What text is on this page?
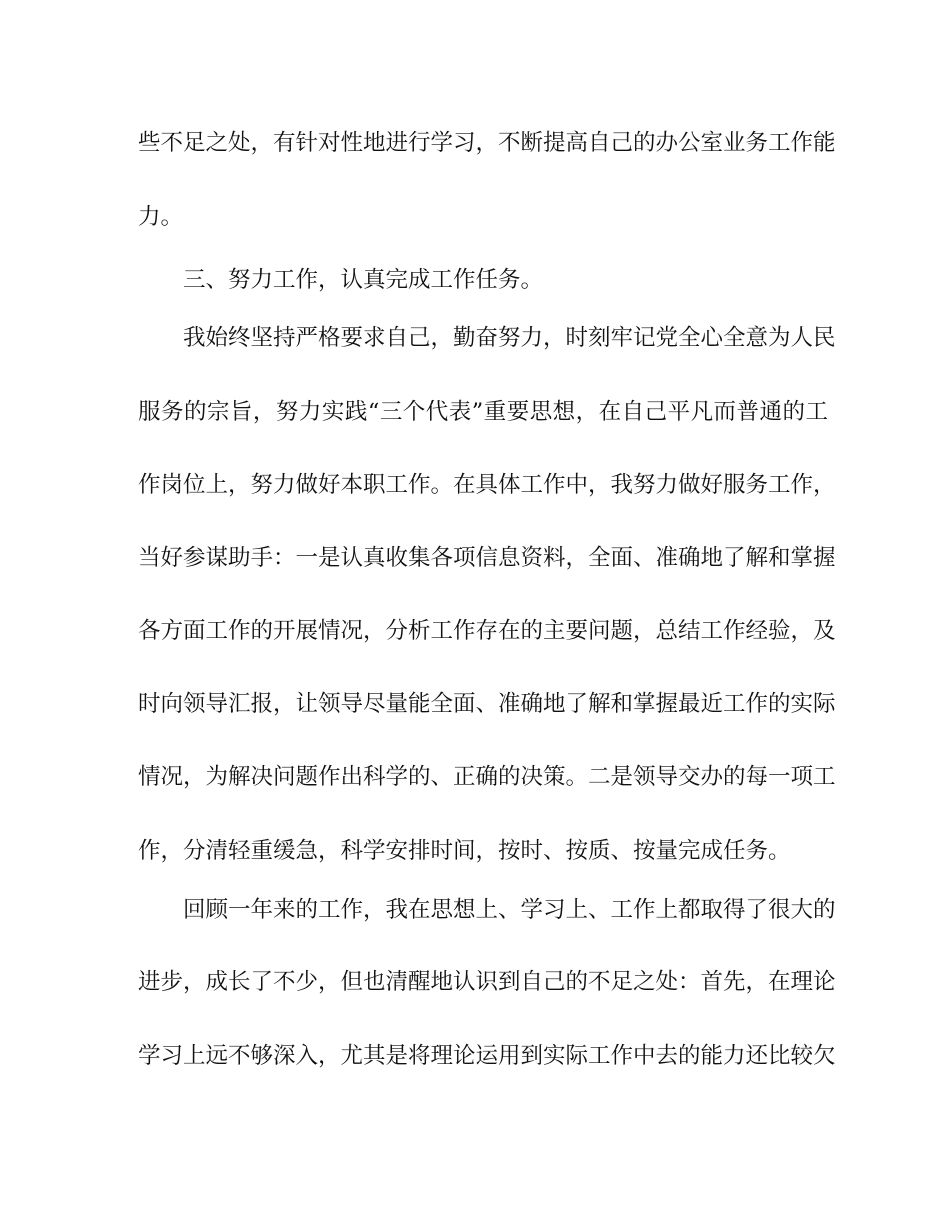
些不足之处，有针对性地进行学习，不断提高自己的办公室业务工作能
力。
三、努力工作，认真完成工作任务。
我始终坚持严格要求自己，勤奋努力，时刻牢记党全心全意为人民
服务的宗旨，努力实践“三个代表”重要思想，在自己平凡而普通的工
作岗位上，努力做好本职工作。在具体工作中，我努力做好服务工作，
当好参谋助手：一是认真收集各项信息资料，全面、准确地了解和掌握
各方面工作的开展情况，分析工作存在的主要问题，总结工作经验，及
时向领导汇报，让领导尽量能全面、准确地了解和掌握最近工作的实际
情况，为解决问题作出科学的、正确的决策。二是领导交办的每一项工
作，分清轻重缓急，科学安排时间，按时、按质、按量完成任务。
回顾一年来的工作，我在思想上、学习上、工作上都取得了很大的
进步，成长了不少，但也清醒地认识到自己的不足之处：首先，在理论
学习上远不够深入，尤其是将理论运用到实际工作中去的能力还比较欠
